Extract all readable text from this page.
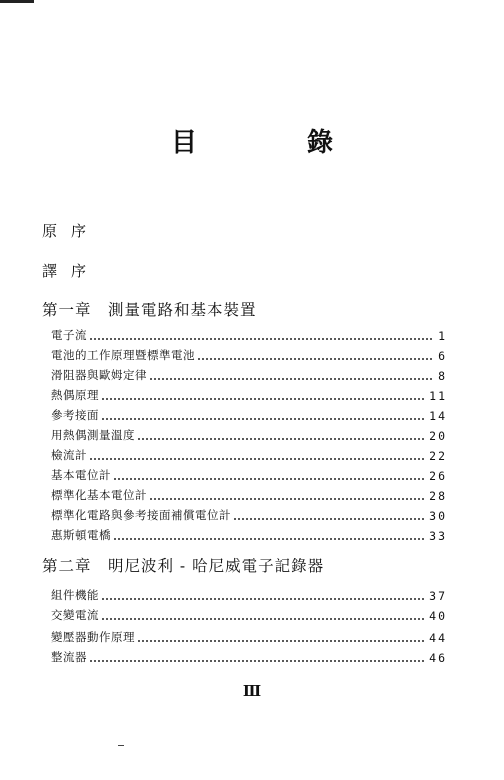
目　錄
原序
譯序
第一章　測量電路和基本裝置
電子流	1
電池的工作原理暨標準電池	6
滑阻器與歐姆定律	8
熱偶原理	11
參考接面	14
用熱偶測量溫度	20
檢流計	22
基本電位計	26
標準化基本電位計	28
標準化電路與參考接面補償電位計	30
惠斯頓電橋	33
第二章　明尼波利 - 哈尼威電子記錄器
組件機能	37
交變電流	40
變壓器動作原理	44
整流器	46
Ⅲ
